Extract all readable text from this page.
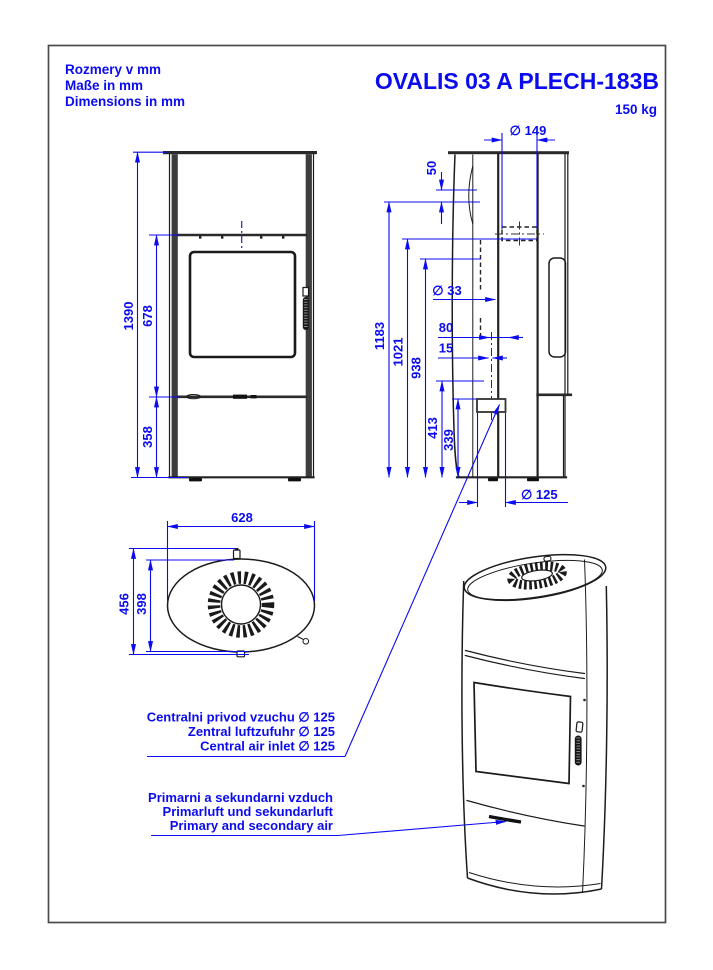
Rozmery v mm
Maße in mm
Dimensions in mm
OVALIS 03 A PLECH-183B
150 kg
1390 678
358
∅ 149
50
1183
1021
938
413
339
∅ 33
80
15
∅ 125
628
456 398
Centralni privod vzuchu ∅ 125
Zentral luftzufuhr ∅ 125
Central air inlet ∅ 125
Primarni a sekundarni vzduch
Primarluft und sekundarluft
Primary and secondary air
